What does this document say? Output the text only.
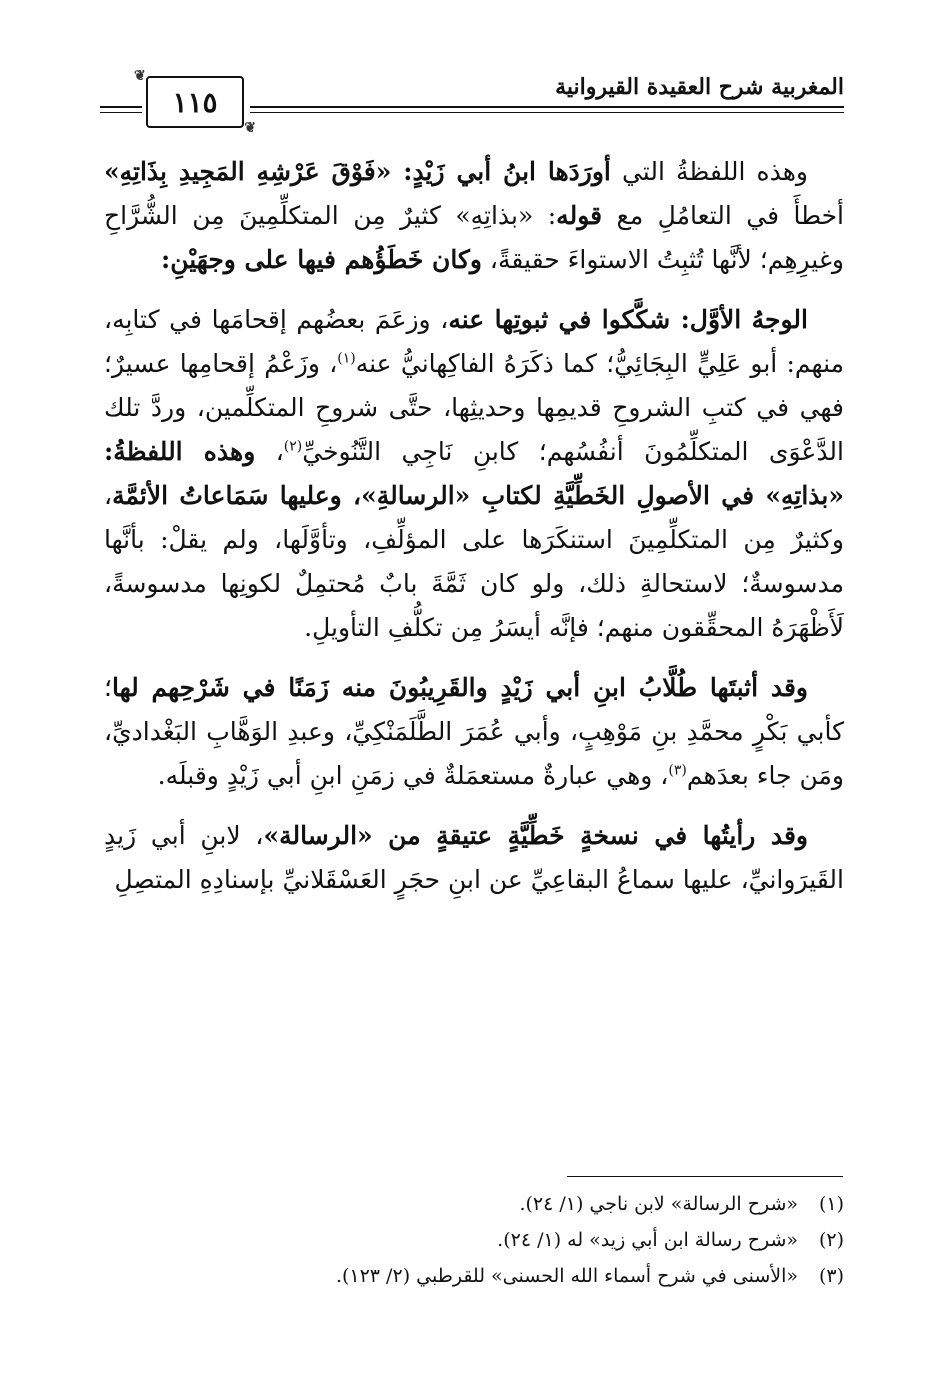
المغربية شرح العقيدة القيروانية
❦ ١١٥
❦

وهذه اللفظةُ التي أورَدَها ابنُ أبي زَيْدٍ: «فَوْقَ عَرْشِهِ المَجِيدِ بِذَاتِهِ» أخطأَ في التعامُلِ مع قوله: «بذاتِهِ» كثيرٌ مِن المتكلِّمِينَ مِن الشُّرَّاحِ وغيرِهِم؛ لأنَّها تُثبِتُ الاستواءَ حقيقةً، وكان خَطَؤُهم فيها على وجهَيْنِ:

الوجهُ الأوَّل: شكَّكوا في ثبوتِها عنه، وزعَمَ بعضُهم إقحامَها في كتابِه، منهم: أبو عَلِيٍّ البِجَائِيُّ؛ كما ذكَرَهُ الفاكِهانيُّ عنه$^{(١)}$، وزَعْمُ إقحامِها عسيرٌ؛ فهي في كتبِ الشروحِ قديمِها وحديثِها، حتَّى شروحِ المتكلِّمين، وردَّ تلك الدَّعْوَى المتكلِّمُونَ أنفُسُهم؛ كابنِ نَاجِي التَّنُوخيِّ$^{(٢)}$، وهذه اللفظةُ: «بذاتِهِ» في الأصولِ الخَطِّيَّةِ لكتابِ «الرسالةِ»، وعليها سَمَاعاتُ الأئمَّة، وكثيرٌ مِن المتكلِّمِينَ استنكَرَها على المؤلِّفِ، وتأوَّلَها، ولم يقلْ: بأنَّها مدسوسةٌ؛ لاستحالةِ ذلك، ولو كان ثَمَّةَ بابٌ مُحتمِلٌ لكونِها مدسوسةً، لَأَظْهَرَهُ المحقِّقون منهم؛ فإنَّه أيسَرُ مِن تكلُّفِ التأويلِ.

وقد أثبتَها طُلَّابُ ابنِ أبي زَيْدٍ والقَرِيبُونَ منه زَمَنًا في شَرْحِهم لها؛ كأبي بَكْرٍ محمَّدِ بنِ مَوْهِبٍ، وأبي عُمَرَ الطَّلَمَنْكِيِّ، وعبدِ الوَهَّابِ البَغْداديِّ، ومَن جاء بعدَهم$^{(٣)}$، وهي عبارةٌ مستعمَلةٌ في زمَنِ ابنِ أبي زَيْدٍ وقبلَه.

وقد رأيتُها في نسخةٍ خَطِّيَّةٍ عتيقةٍ من «الرسالة»، لابنِ أبي زَيدٍ القَيرَوانيِّ، عليها سماعُ البقاعِيِّ عن ابنِ حجَرٍ العَسْقَلانيِّ بإسنادِهِ المتصِلِ

(١)«شرح الرسالة» لابن ناجي (١/ ٢٤).
(٢)«شرح رسالة ابن أبي زيد» له (١/ ٢٤).
(٣)«الأسنى في شرح أسماء الله الحسنى» للقرطبي (٢/ ١٢٣).
